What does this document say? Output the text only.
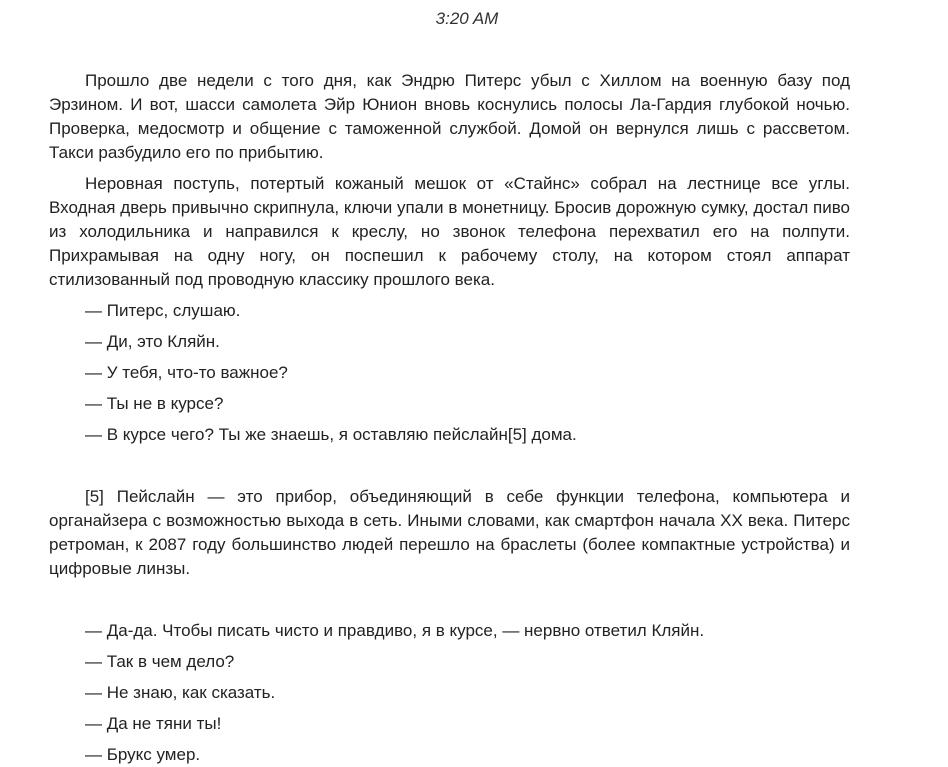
3:20 AM

Прошло две недели с того дня, как Эндрю Питерс убыл с Хиллом на военную базу под Эрзином. И вот, шасси самолета Эйр Юнион вновь коснулись полосы Ла-Гардия глубокой ночью. Проверка, медосмотр и общение с таможенной службой. Домой он вернулся лишь с рассветом. Такси разбудило его по прибытию.

Неровная поступь, потертый кожаный мешок от «Стайнс» собрал на лестнице все углы. Входная дверь привычно скрипнула, ключи упали в монетницу. Бросив дорожную сумку, достал пиво из холодильника и направился к креслу, но звонок телефона перехватил его на полпути. Прихрамывая на одну ногу, он поспешил к рабочему столу, на котором стоял аппарат стилизованный под проводную классику прошлого века.

— Питерс, слушаю.

— Ди, это Кляйн.

— У тебя, что-то важное?

— Ты не в курсе?

— В курсе чего? Ты же знаешь, я оставляю пейслайн[5] дома.

[5] Пейслайн — это прибор, объединяющий в себе функции телефона, компьютера и органайзера с возможностью выхода в сеть. Иными словами, как смартфон начала XX века. Питерс ретроман, к 2087 году большинство людей перешло на браслеты (более компактные устройства) и цифровые линзы.

— Да-да. Чтобы писать чисто и правдиво, я в курсе, — нервно ответил Кляйн.

— Так в чем дело?

— Не знаю, как сказать.

— Да не тяни ты!

— Брукс умер.
